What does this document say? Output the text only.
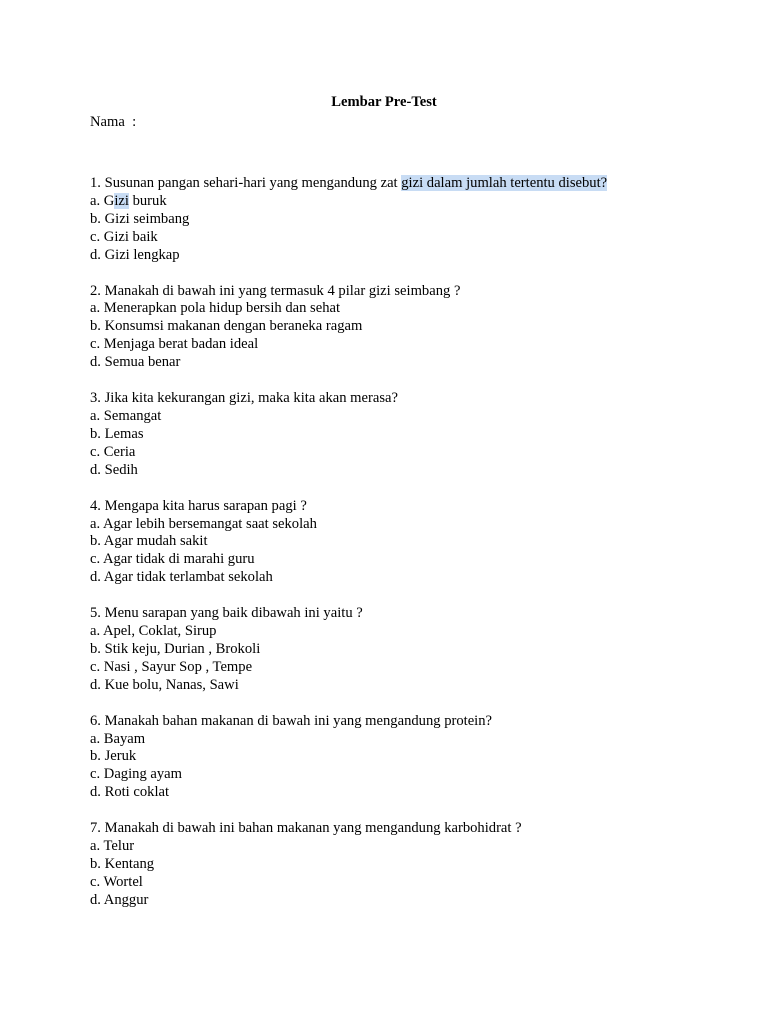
Lembar Pre-Test
Nama  :
1. Susunan pangan sehari-hari yang mengandung zat gizi dalam jumlah tertentu disebut?
a. Gizi buruk
b. Gizi seimbang
c. Gizi baik
d. Gizi lengkap
2. Manakah di bawah ini yang termasuk 4 pilar gizi seimbang ?
a. Menerapkan pola hidup bersih dan sehat
b. Konsumsi makanan dengan beraneka ragam
c. Menjaga berat badan ideal
d. Semua benar
3. Jika kita kekurangan gizi, maka kita akan merasa?
a. Semangat
b. Lemas
c. Ceria
d. Sedih
4. Mengapa kita harus sarapan pagi ?
a. Agar lebih bersemangat saat sekolah
b. Agar mudah sakit
c. Agar tidak di marahi guru
d. Agar tidak terlambat sekolah
5. Menu sarapan yang baik dibawah ini yaitu ?
a. Apel, Coklat, Sirup
b. Stik keju, Durian , Brokoli
c. Nasi , Sayur Sop , Tempe
d. Kue bolu, Nanas, Sawi
6. Manakah bahan makanan di bawah ini yang mengandung protein?
a. Bayam
b. Jeruk
c. Daging ayam
d. Roti coklat
7. Manakah di bawah ini bahan makanan yang mengandung karbohidrat ?
a. Telur
b. Kentang
c. Wortel
d. Anggur
